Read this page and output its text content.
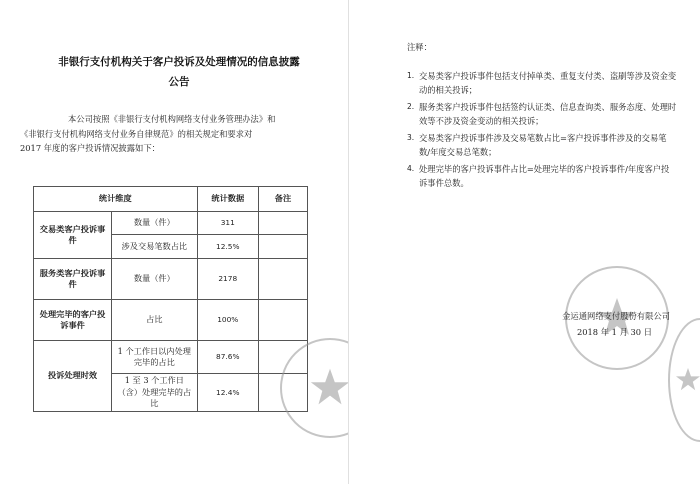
非银行支付机构关于客户投诉及处理情况的信息披露
公告
本公司按照《非银行支付机构网络支付业务管理办法》和
《非银行支付机构网络支付业务自律规范》的相关规定和要求对
2017 年度的客户投诉情况披露如下：
统计维度		统计数据	备注
交易类客户投诉事件	数量（件）	311	
	涉及交易笔数占比	12.5%	
服务类客户投诉事件	数量（件）	2178	
处理完毕的客户投诉事件	占比	100%	
投诉处理时效	1 个工作日以内处理完毕的占比	87.6%	
	1 至 3 个工作日（含）处理完毕的占比	12.4%	
注释：
1. 交易类客户投诉事件包括支付掉单类、重复支付类、盗刷等涉及资金变动的相关投诉；
2. 服务类客户投诉事件包括签约认证类、信息查询类、服务态度、处理时效等不涉及资金变动的相关投诉；
3. 交易类客户投诉事件涉及交易笔数占比=客户投诉事件涉及的交易笔数/年度交易总笔数；
4. 处理完毕的客户投诉事件占比=处理完毕的客户投诉事件/年度客户投诉事件总数。
金运通网络支付股份有限公司
2018 年 1 月 30 日
